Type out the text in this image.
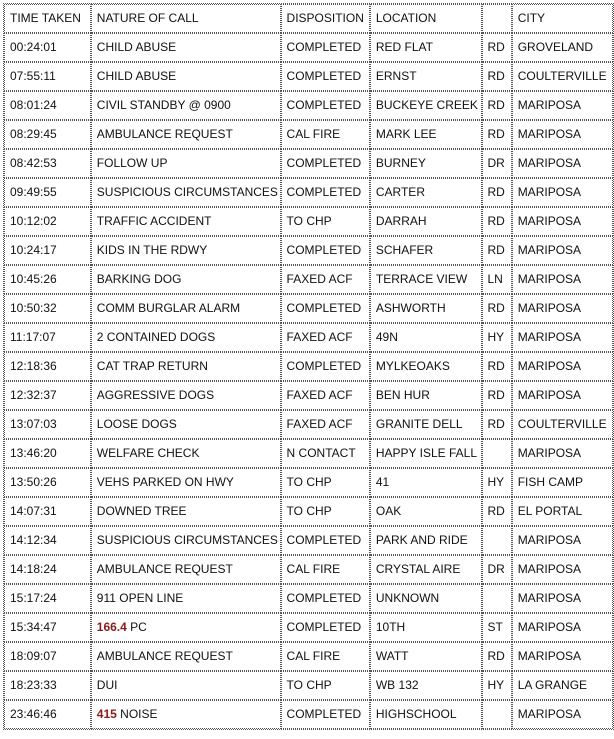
TIME TAKEN	NATURE OF CALL	DISPOSITION	LOCATION		CITY
00:24:01	CHILD ABUSE	COMPLETED	RED FLAT	RD	GROVELAND
07:55:11	CHILD ABUSE	COMPLETED	ERNST	RD	COULTERVILLE
08:01:24	CIVIL STANDBY @ 0900	COMPLETED	BUCKEYE CREEK	RD	MARIPOSA
08:29:45	AMBULANCE REQUEST	CAL FIRE	MARK LEE	RD	MARIPOSA
08:42:53	FOLLOW UP	COMPLETED	BURNEY	DR	MARIPOSA
09:49:55	SUSPICIOUS CIRCUMSTANCES	COMPLETED	CARTER	RD	MARIPOSA
10:12:02	TRAFFIC ACCIDENT	TO CHP	DARRAH	RD	MARIPOSA
10:24:17	KIDS IN THE RDWY	COMPLETED	SCHAFER	RD	MARIPOSA
10:45:26	BARKING DOG	FAXED ACF	TERRACE VIEW	LN	MARIPOSA
10:50:32	COMM BURGLAR ALARM	COMPLETED	ASHWORTH	RD	MARIPOSA
11:17:07	2 CONTAINED DOGS	FAXED ACF	49N	HY	MARIPOSA
12:18:36	CAT TRAP RETURN	COMPLETED	MYLKEOAKS	RD	MARIPOSA
12:32:37	AGGRESSIVE DOGS	FAXED ACF	BEN HUR	RD	MARIPOSA
13:07:03	LOOSE DOGS	FAXED ACF	GRANITE DELL	RD	COULTERVILLE
13:46:20	WELFARE CHECK	N CONTACT	HAPPY ISLE FALL		MARIPOSA
13:50:26	VEHS PARKED ON HWY	TO CHP	41	HY	FISH CAMP
14:07:31	DOWNED TREE	TO CHP	OAK	RD	EL PORTAL
14:12:34	SUSPICIOUS CIRCUMSTANCES	COMPLETED	PARK AND RIDE		MARIPOSA
14:18:24	AMBULANCE REQUEST	CAL FIRE	CRYSTAL AIRE	DR	MARIPOSA
15:17:24	911 OPEN LINE	COMPLETED	UNKNOWN		MARIPOSA
15:34:47	166.4 PC	COMPLETED	10TH	ST	MARIPOSA
18:09:07	AMBULANCE REQUEST	CAL FIRE	WATT	RD	MARIPOSA
18:23:33	DUI	TO CHP	WB 132	HY	LA GRANGE
23:46:46	415 NOISE	COMPLETED	HIGHSCHOOL		MARIPOSA
